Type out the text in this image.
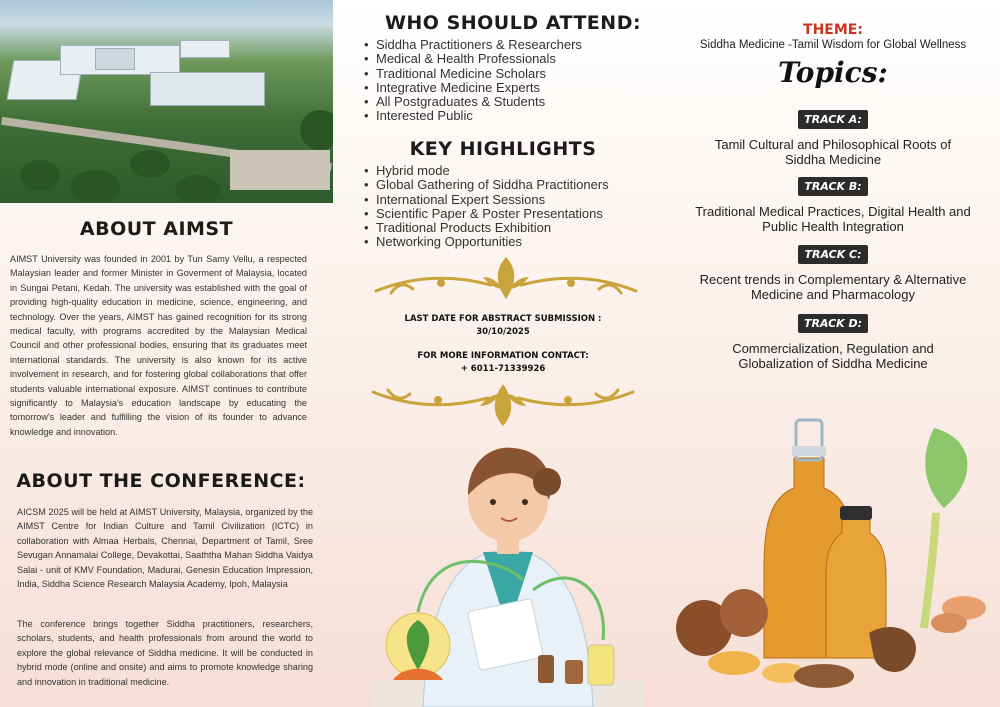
ABOUT AIMST

AIMST University was founded in 2001 by Tun Samy Vellu, a respected Malaysian leader and former Minister in Goverment of Malaysia, located in Sungai Petani, Kedah. The university was established with the goal of providing high-quality education in medicine, science, engineering, and technology. Over the years, AIMST has gained recognition for its strong medical faculty, with programs accredited by the Malaysian Medical Council and other professional bodies, ensuring that its graduates meet international standards. The university is also known for its active involvement in research, and for fostering global collaborations that offer students valuable international exposure. AIMST continues to contribute significantly to Malaysia's education landscape by educating the tomorrow's leader and fulfilling the vision of its founder to advance knowledge and innovation.

ABOUT THE CONFERENCE:

AICSM 2025 will be held at AIMST University, Malaysia, organized by the AIMST Centre for Indian Culture and Tamil Civilization (ICTC) in collaboration with Almaa Herbals, Chennai, Department of Tamil, Sree Sevugan Annamalai College, Devakottai, Saaththa Mahan Siddha Vaidya Salai - unit of KMV Foundation, Madurai, Genesin Education Impression, India, Siddha Science Research Malaysia Academy, Ipoh, Malaysia

The conference brings together Siddha practitioners, researchers, scholars, students, and health professionals from around the world to explore the global relevance of Siddha medicine. It will be conducted in hybrid mode (online and onsite) and aims to promote knowledge sharing and innovation in traditional medicine.

WHO SHOULD ATTEND:
• Siddha Practitioners & Researchers
• Medical & Health Professionals
• Traditional Medicine Scholars
• Integrative Medicine Experts
• All Postgraduates & Students
• Interested Public
KEY HIGHLIGHTS
• Hybrid mode
• Global Gathering of Siddha Practitioners
• International Expert Sessions
• Scientific Paper & Poster Presentations
• Traditional Products Exhibition
• Networking Opportunities
LAST DATE FOR ABSTRACT SUBMISSION :
30/10/2025
FOR MORE INFORMATION CONTACT:
+ 6011-71339926
THEME:
Siddha Medicine -Tamil Wisdom for Global Wellness
Topics:
TRACK A:
Tamil Cultural and Philosophical Roots of
Siddha Medicine
TRACK B:
Traditional Medical Practices, Digital Health and
Public Health Integration
TRACK C:
Recent trends in Complementary & Alternative
Medicine and Pharmacology
TRACK D:
Commercialization, Regulation and
Globalization of Siddha Medicine
